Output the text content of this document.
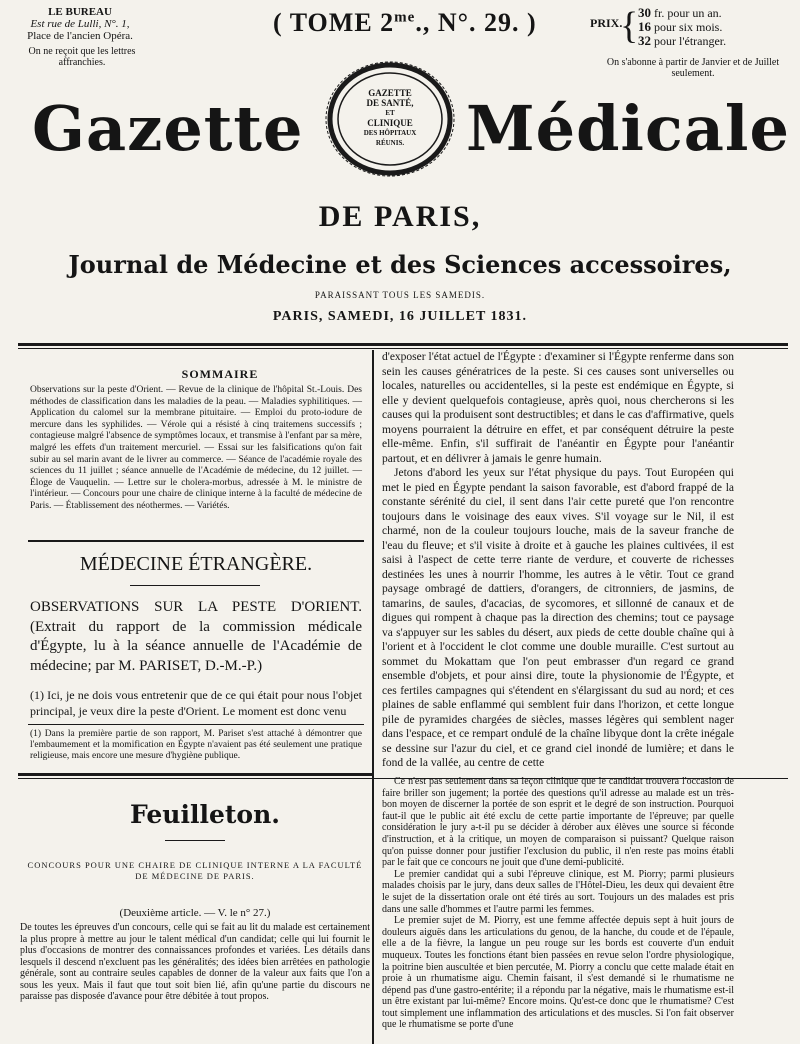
LE BUREAU
Est rue de Lulli, N°. 1,
Place de l'ancien Opéra.
On ne reçoit que les lettres affranchies.
( TOME $2^{me}$., N°. 29. )	PRIX.
{ 30 fr. pour un an.
16 pour six mois.
32 pour l'étranger.
On s'abonne à partir de Janvier et de Juillet seulement.
Gazette	Médicale
GAZETTE
DE SANTÉ,
ET
CLINIQUE
DES HÔPITAUX
RÉUNIS.
DE PARIS,
Journal de Médecine et des Sciences accessoires,
PARAISSANT TOUS LES SAMEDIS.
PARIS, SAMEDI, 16 JUILLET 1831.
SOMMAIRE
Observations sur la peste d'Orient. — Revue de la clinique de l'hôpital St.-Louis. Des méthodes de classification dans les maladies de la peau. — Maladies syphilitiques. — Application du calomel sur la membrane pituitaire. — Emploi du proto-iodure de mercure dans les syphilides. — Vérole qui a résisté à cinq traitemens successifs ; contagieuse malgré l'absence de symptômes locaux, et transmise à l'enfant par sa mère, malgré les effets d'un traitement mercuriel. — Essai sur les falsifications qu'on fait subir au sel marin avant de le livrer au commerce. — Séance de l'académie royale des sciences du 11 juillet ; séance annuelle de l'Académie de médecine, du 12 juillet. — Éloge de Vauquelin. — Lettre sur le cholera-morbus, adressée à M. le ministre de l'intérieur. — Concours pour une chaire de clinique interne à la faculté de médecine de Paris. — Établissement des néothermes. — Variétés.
MÉDECINE ÉTRANGÈRE.
OBSERVATIONS SUR LA PESTE D'ORIENT. (Extrait du rapport de la commission médicale d'Égypte, lu à la séance annuelle de l'Académie de médecine; par M. PARISET, D.-M.-P.)
(1) Ici, je ne dois vous entretenir que de ce qui était pour nous l'objet principal, je veux dire la peste d'Orient. Le moment est donc venu
(1) Dans la première partie de son rapport, M. Pariset s'est attaché à démontrer que l'embaumement et la momification en Égypte n'avaient pas été seulement une pratique religieuse, mais encore une mesure d'hygiène publique.
Feuilleton.
CONCOURS POUR UNE CHAIRE DE CLINIQUE INTERNE A LA FACULTÉ DE MÉDECINE DE PARIS.
(Deuxième article. — V. le n° 27.)
De toutes les épreuves d'un concours, celle qui se fait au lit du malade est certainement la plus propre à mettre au jour le talent médical d'un candidat; celle qui lui fournit le plus d'occasions de montrer des connaissances profondes et variées. Les détails dans lesquels il descend n'excluent pas les généralités; des idées bien arrêtées en pathologie générale, sont au contraire seules capables de donner de la valeur aux faits que l'on a sous les yeux. Mais il faut que tout soit bien lié, afin qu'une partie du discours ne paraisse pas disposée d'avance pour être débitée à tout propos.

d'exposer l'état actuel de l'Égypte : d'examiner si l'Égypte renferme dans son sein les causes génératrices de la peste. Si ces causes sont universelles ou locales, naturelles ou accidentelles, si la peste est endémique en Égypte, si elle y devient quelquefois contagieuse, après quoi, nous chercherons si les causes qui la produisent sont destructibles; et dans le cas d'affirmative, quels moyens pourraient la détruire en effet, et par conséquent détruire la peste elle-même. Enfin, s'il suffirait de l'anéantir en Égypte pour l'anéantir partout, et en délivrer à jamais le genre humain.

Jetons d'abord les yeux sur l'état physique du pays. Tout Européen qui met le pied en Égypte pendant la saison favorable, est d'abord frappé de la constante sérénité du ciel, il sent dans l'air cette pureté que l'on rencontre toujours dans le voisinage des eaux vives. S'il voyage sur le Nil, il est charmé, non de la couleur toujours louche, mais de la saveur franche de l'eau du fleuve; et s'il visite à droite et à gauche les plaines cultivées, il est saisi à l'aspect de cette terre riante de verdure, et couverte de richesses destinées les unes à nourrir l'homme, les autres à le vêtir. Tout ce grand paysage ombragé de dattiers, d'orangers, de citronniers, de jasmins, de tamarins, de saules, d'acacias, de sycomores, et sillonné de canaux et de digues qui rompent à chaque pas la direction des chemins; tout ce paysage va s'appuyer sur les sables du désert, aux pieds de cette double chaîne qui à l'orient et à l'occident le clot comme une double muraille. C'est surtout au sommet du Mokattam que l'on peut embrasser d'un regard ce grand ensemble d'objets, et pour ainsi dire, toute la physionomie de l'Égypte, et ces fertiles campagnes qui s'étendent en s'élargissant du sud au nord; et ces plaines de sable enflammé qui semblent fuir dans l'horizon, et cette longue pile de pyramides chargées de siècles, masses légères qui semblent nager dans l'espace, et ce rempart ondulé de la chaîne libyque dont la crête inégale se dessine sur l'azur du ciel, et ce grand ciel inondé de lumière; et dans le fond de la vallée, au centre de cette

Ce n'est pas seulement dans sa leçon clinique que le candidat trouvera l'occasion de faire briller son jugement; la portée des questions qu'il adresse au malade est un très-bon moyen de discerner la portée de son esprit et le degré de son instruction. Pourquoi faut-il que le public ait été exclu de cette partie importante de l'épreuve; par quelle considération le jury a-t-il pu se décider à dérober aux élèves une source si féconde d'instruction, et à la critique, un moyen de comparaison si puissant? Quelque raison qu'on puisse donner pour justifier l'exclusion du public, il n'en reste pas moins établi par le fait que ce concours ne jouit que d'une demi-publicité.

Le premier candidat qui a subi l'épreuve clinique, est M. Piorry; parmi plusieurs malades choisis par le jury, dans deux salles de l'Hôtel-Dieu, les deux qui devaient être le sujet de la dissertation orale ont été tirés au sort. Toujours un des malades est pris dans une salle d'hommes et l'autre parmi les femmes.

Le premier sujet de M. Piorry, est une femme affectée depuis sept à huit jours de douleurs aiguës dans les articulations du genou, de la hanche, du coude et de l'épaule, elle a de la fièvre, la langue un peu rouge sur les bords est couverte d'un enduit muqueux. Toutes les fonctions étant bien passées en revue selon l'ordre physiologique, la poitrine bien auscultée et bien percutée, M. Piorry a conclu que cette malade était en proie à un rhumatisme aigu. Chemin faisant, il s'est demandé si le rhumatisme ne dépend pas d'une gastro-entérite; il a répondu par la négative, mais le rhumatisme est-il un être existant par lui-même? Encore moins. Qu'est-ce donc que le rhumatisme? C'est tout simplement une inflammation des articulations et des muscles. Si l'on fait observer que le rhumatisme se porte d'une
